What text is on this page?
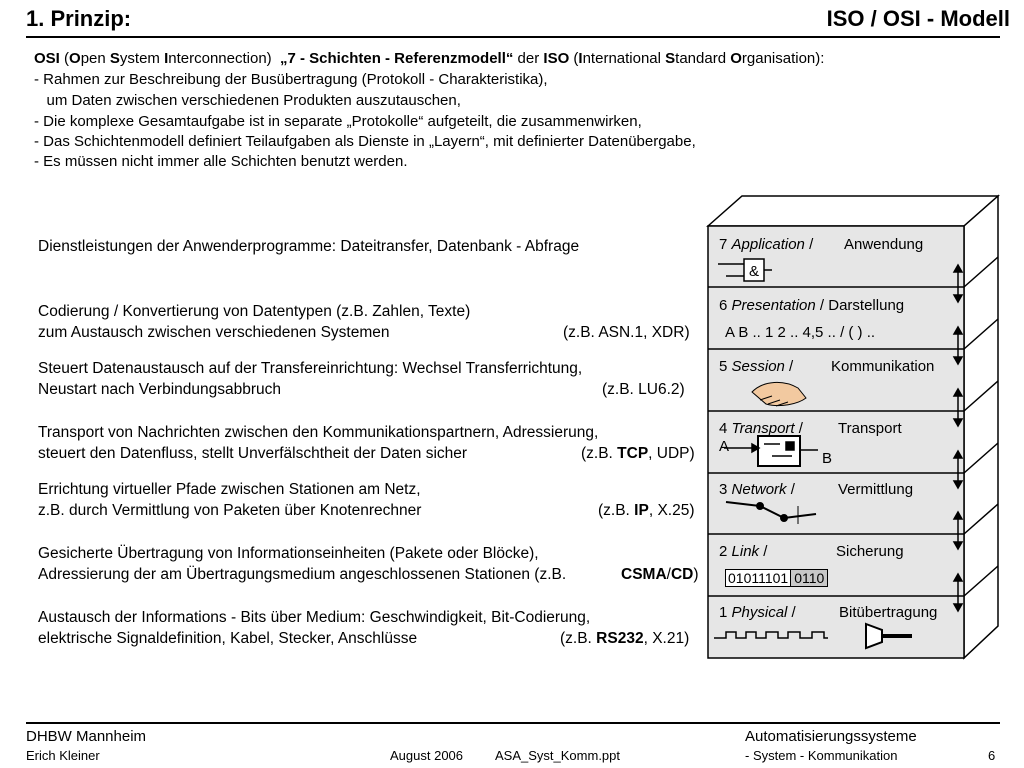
1. Prinzip:	ISO / OSI - Modell
OSI (Open System Interconnection)  „7 - Schichten - Referenzmodell“ der ISO (International Standard Organisation):
- Rahmen zur Beschreibung der Busübertragung (Protokoll - Charakteristika),
um Daten zwischen verschiedenen Produkten auszutauschen,
- Die komplexe Gesamtaufgabe ist in separate „Protokolle“ aufgeteilt, die zusammenwirken,
- Das Schichtenmodell definiert Teilaufgaben als Dienste in „Layern“, mit definierter Datenübergabe,
- Es müssen nicht immer alle Schichten benutzt werden.
Dienstleistungen der Anwenderprogramme: Dateitransfer, Datenbank - Abfrage
Codierung / Konvertierung von Datentypen (z.B. Zahlen, Texte)
zum Austausch zwischen verschiedenen Systemen	(z.B. ASN.1, XDR)
Steuert Datenaustausch auf der Transfereinrichtung: Wechsel Transferrichtung,
Neustart nach Verbindungsabbruch	(z.B. LU6.2)
Transport von Nachrichten zwischen den Kommunikationspartnern, Adressierung,
steuert den Datenfluss, stellt Unverfälschtheit der Daten sicher	(z.B. TCP, UDP)
Errichtung virtueller Pfade zwischen Stationen am Netz,
z.B. durch Vermittlung von Paketen über Knotenrechner	(z.B. IP, X.25)
Gesicherte Übertragung von Informationseinheiten (Pakete oder Blöcke),
Adressierung der am Übertragungsmedium angeschlossenen Stationen (z.B.	CSMA/CD)
Austausch der Informations - Bits über Medium: Geschwindigkeit, Bit-Codierung,
elektrische Signaldefinition, Kabel, Stecker, Anschlüsse	(z.B. RS232, X.21)
7 Application / Anwendung
&
6 Presentation / Darstellung
A B .. 1 2 .. 4,5 .. / ( ) ..
5 Session /	Kommunikation
4 Transport / Transport
A
B
3 Network /	Vermittlung
2 Link /	Sicherung
01011101 0110
1 Physical /	Bitübertragung
DHBW Mannheim
Erich Kleiner	August 2006 ASA_Syst_Komm.ppt
Automatisierungssysteme
- System - Kommunikation	6
